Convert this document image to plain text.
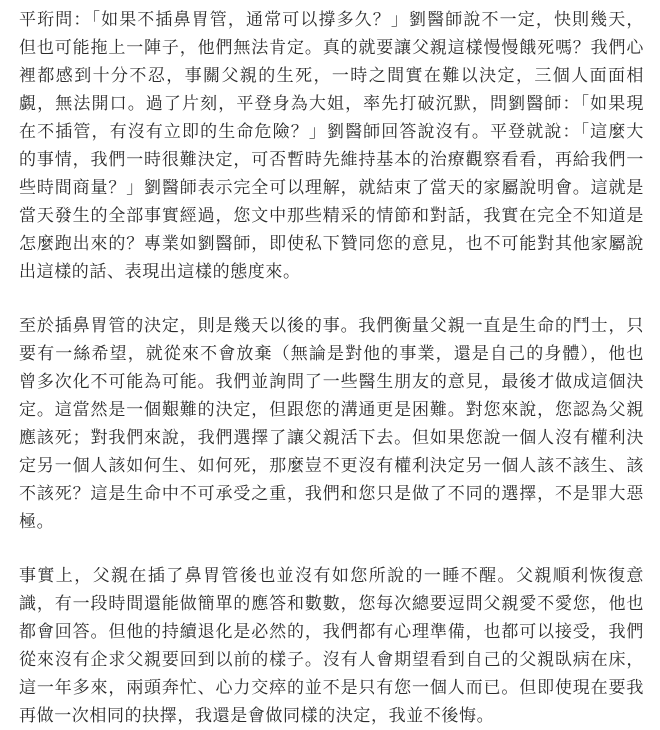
平珩問：「如果不插鼻胃管，通常可以撐多久？」劉醫師說不一定，快則幾天，但也可能拖上一陣子，他們無法肯定。真的就要讓父親這樣慢慢餓死嗎？我們心裡都感到十分不忍，事關父親的生死，一時之間實在難以決定，三個人面面相覷，無法開口。過了片刻，平登身為大姐，率先打破沉默，問劉醫師：「如果現在不插管，有沒有立即的生命危險？」劉醫師回答說沒有。平登就說：「這麼大的事情，我們一時很難決定，可否暫時先維持基本的治療觀察看看，再給我們一些時間商量？」劉醫師表示完全可以理解，就結束了當天的家屬說明會。這就是當天發生的全部事實經過，您文中那些精采的情節和對話，我實在完全不知道是怎麼跑出來的？專業如劉醫師，即使私下贊同您的意見，也不可能對其他家屬說出這樣的話、表現出這樣的態度來。

至於插鼻胃管的決定，則是幾天以後的事。我們衡量父親一直是生命的鬥士，只要有一絲希望，就從來不會放棄（無論是對他的事業，還是自己的身體），他也曾多次化不可能為可能。我們並詢問了一些醫生朋友的意見，最後才做成這個決定。這當然是一個艱難的決定，但跟您的溝通更是困難。對您來說，您認為父親應該死；對我們來說，我們選擇了讓父親活下去。但如果您說一個人沒有權利決定另一個人該如何生、如何死，那麼豈不更沒有權利決定另一個人該不該生、該不該死？這是生命中不可承受之重，我們和您只是做了不同的選擇，不是罪大惡極。

事實上，父親在插了鼻胃管後也並沒有如您所說的一睡不醒。父親順利恢復意識，有一段時間還能做簡單的應答和數數，您每次總要逗問父親愛不愛您，他也都會回答。但他的持續退化是必然的，我們都有心理準備，也都可以接受，我們從來沒有企求父親要回到以前的樣子。沒有人會期望看到自己的父親臥病在床，這一年多來，兩頭奔忙、心力交瘁的並不是只有您一個人而已。但即使現在要我再做一次相同的抉擇，我還是會做同樣的決定，我並不後悔。
